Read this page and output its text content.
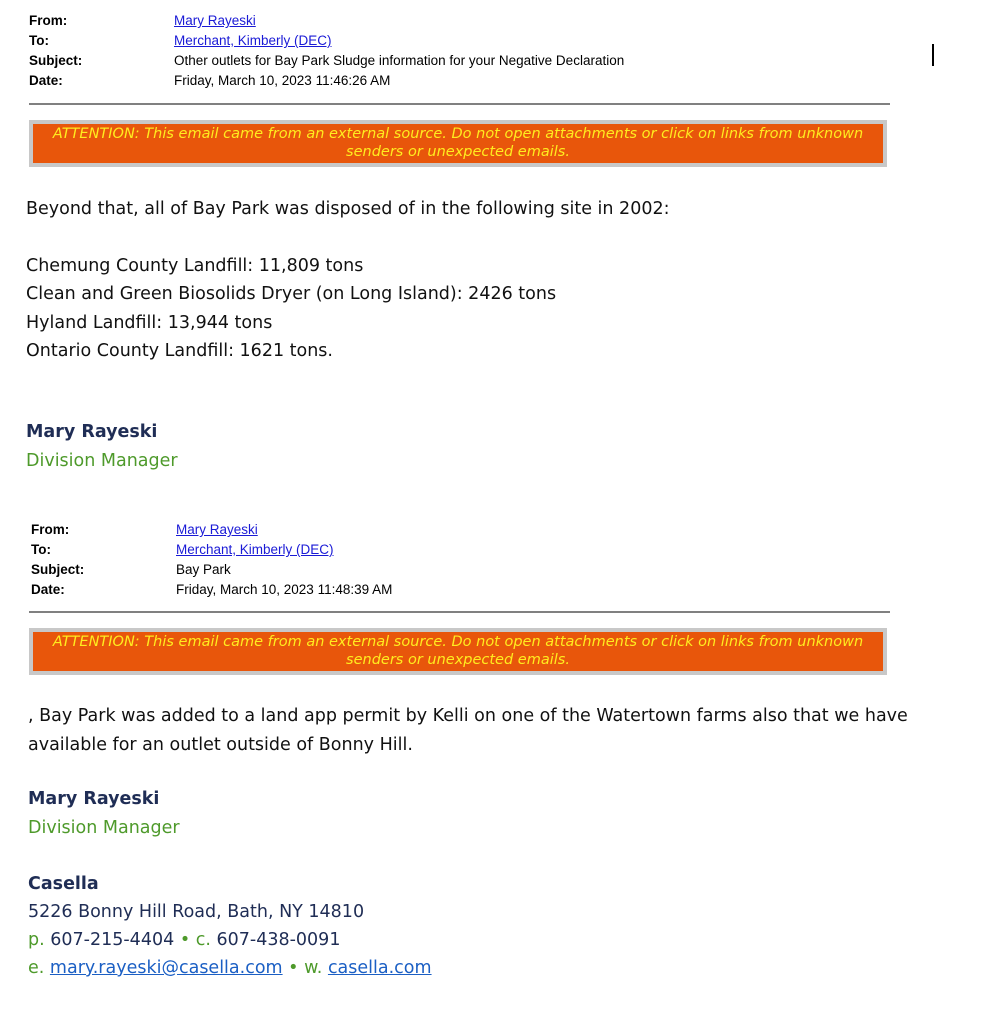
From:	Mary Rayeski
To:	Merchant, Kimberly (DEC)
Subject:	Other outlets for Bay Park Sludge information for your Negative Declaration
Date:	Friday, March 10, 2023 11:46:26 AM
ATTENTION: This email came from an external source. Do not open attachments or click on links from unknown
senders or unexpected emails.
Beyond that, all of Bay Park was disposed of in the following site in 2002:
Chemung County Landfill: 11,809 tons
Clean and Green Biosolids Dryer (on Long Island): 2426 tons
Hyland Landfill: 13,944 tons
Ontario County Landfill: 1621 tons.
Mary Rayeski
Division Manager
From:	Mary Rayeski
To:	Merchant, Kimberly (DEC)
Subject:	Bay Park
Date:	Friday, March 10, 2023 11:48:39 AM
ATTENTION: This email came from an external source. Do not open attachments or click on links from unknown
senders or unexpected emails.
, Bay Park was added to a land app permit by Kelli on one of the Watertown farms also that we have
available for an outlet outside of Bonny Hill.
Mary Rayeski
Division Manager
Casella
5226 Bonny Hill Road, Bath, NY 14810
p. 607-215-4404 • c. 607-438-0091
e. mary.rayeski@casella.com • w. casella.com
